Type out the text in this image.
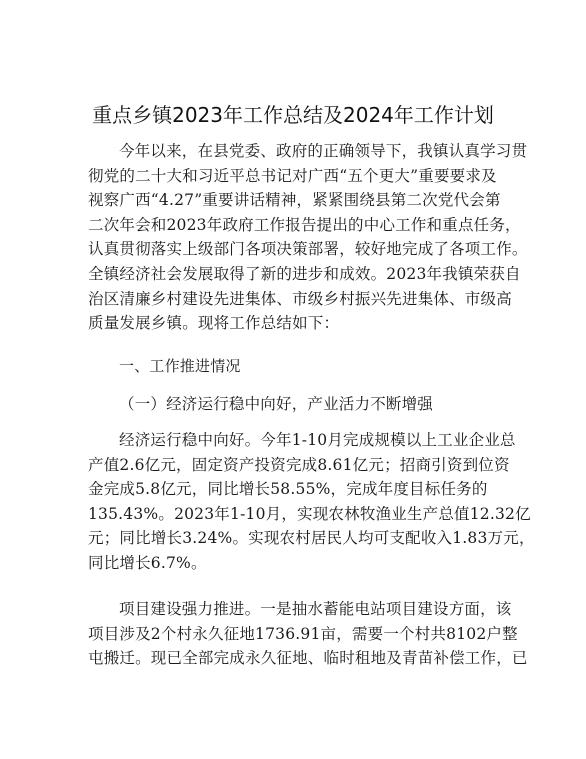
重点乡镇2023年工作总结及2024年工作计划
今年以来，在县党委、政府的正确领导下，我镇认真学习贯
彻党的二十大和习近平总书记对广西“五个更大”重要要求及
视察广西“4.27”重要讲话精神，紧紧围绕县第二次党代会第
二次年会和2023年政府工作报告提出的中心工作和重点任务，
认真贯彻落实上级部门各项决策部署，较好地完成了各项工作。
全镇经济社会发展取得了新的进步和成效。2023年我镇荣获自
治区清廉乡村建设先进集体、市级乡村振兴先进集体、市级高
质量发展乡镇。现将工作总结如下：
一、工作推进情况
（一）经济运行稳中向好，产业活力不断增强
经济运行稳中向好。今年1-10月完成规模以上工业企业总
产值2.6亿元，固定资产投资完成8.61亿元；招商引资到位资
金完成5.8亿元，同比增长58.55%，完成年度目标任务的
135.43%。2023年1-10月，实现农林牧渔业生产总值12.32亿
元；同比增长3.24%。实现农村居民人均可支配收入1.83万元，
同比增长6.7%。
项目建设强力推进。一是抽水蓄能电站项目建设方面，该
项目涉及2个村永久征地1736.91亩，需要一个村共8102户整
屯搬迁。现已全部完成永久征地、临时租地及青苗补偿工作，已
